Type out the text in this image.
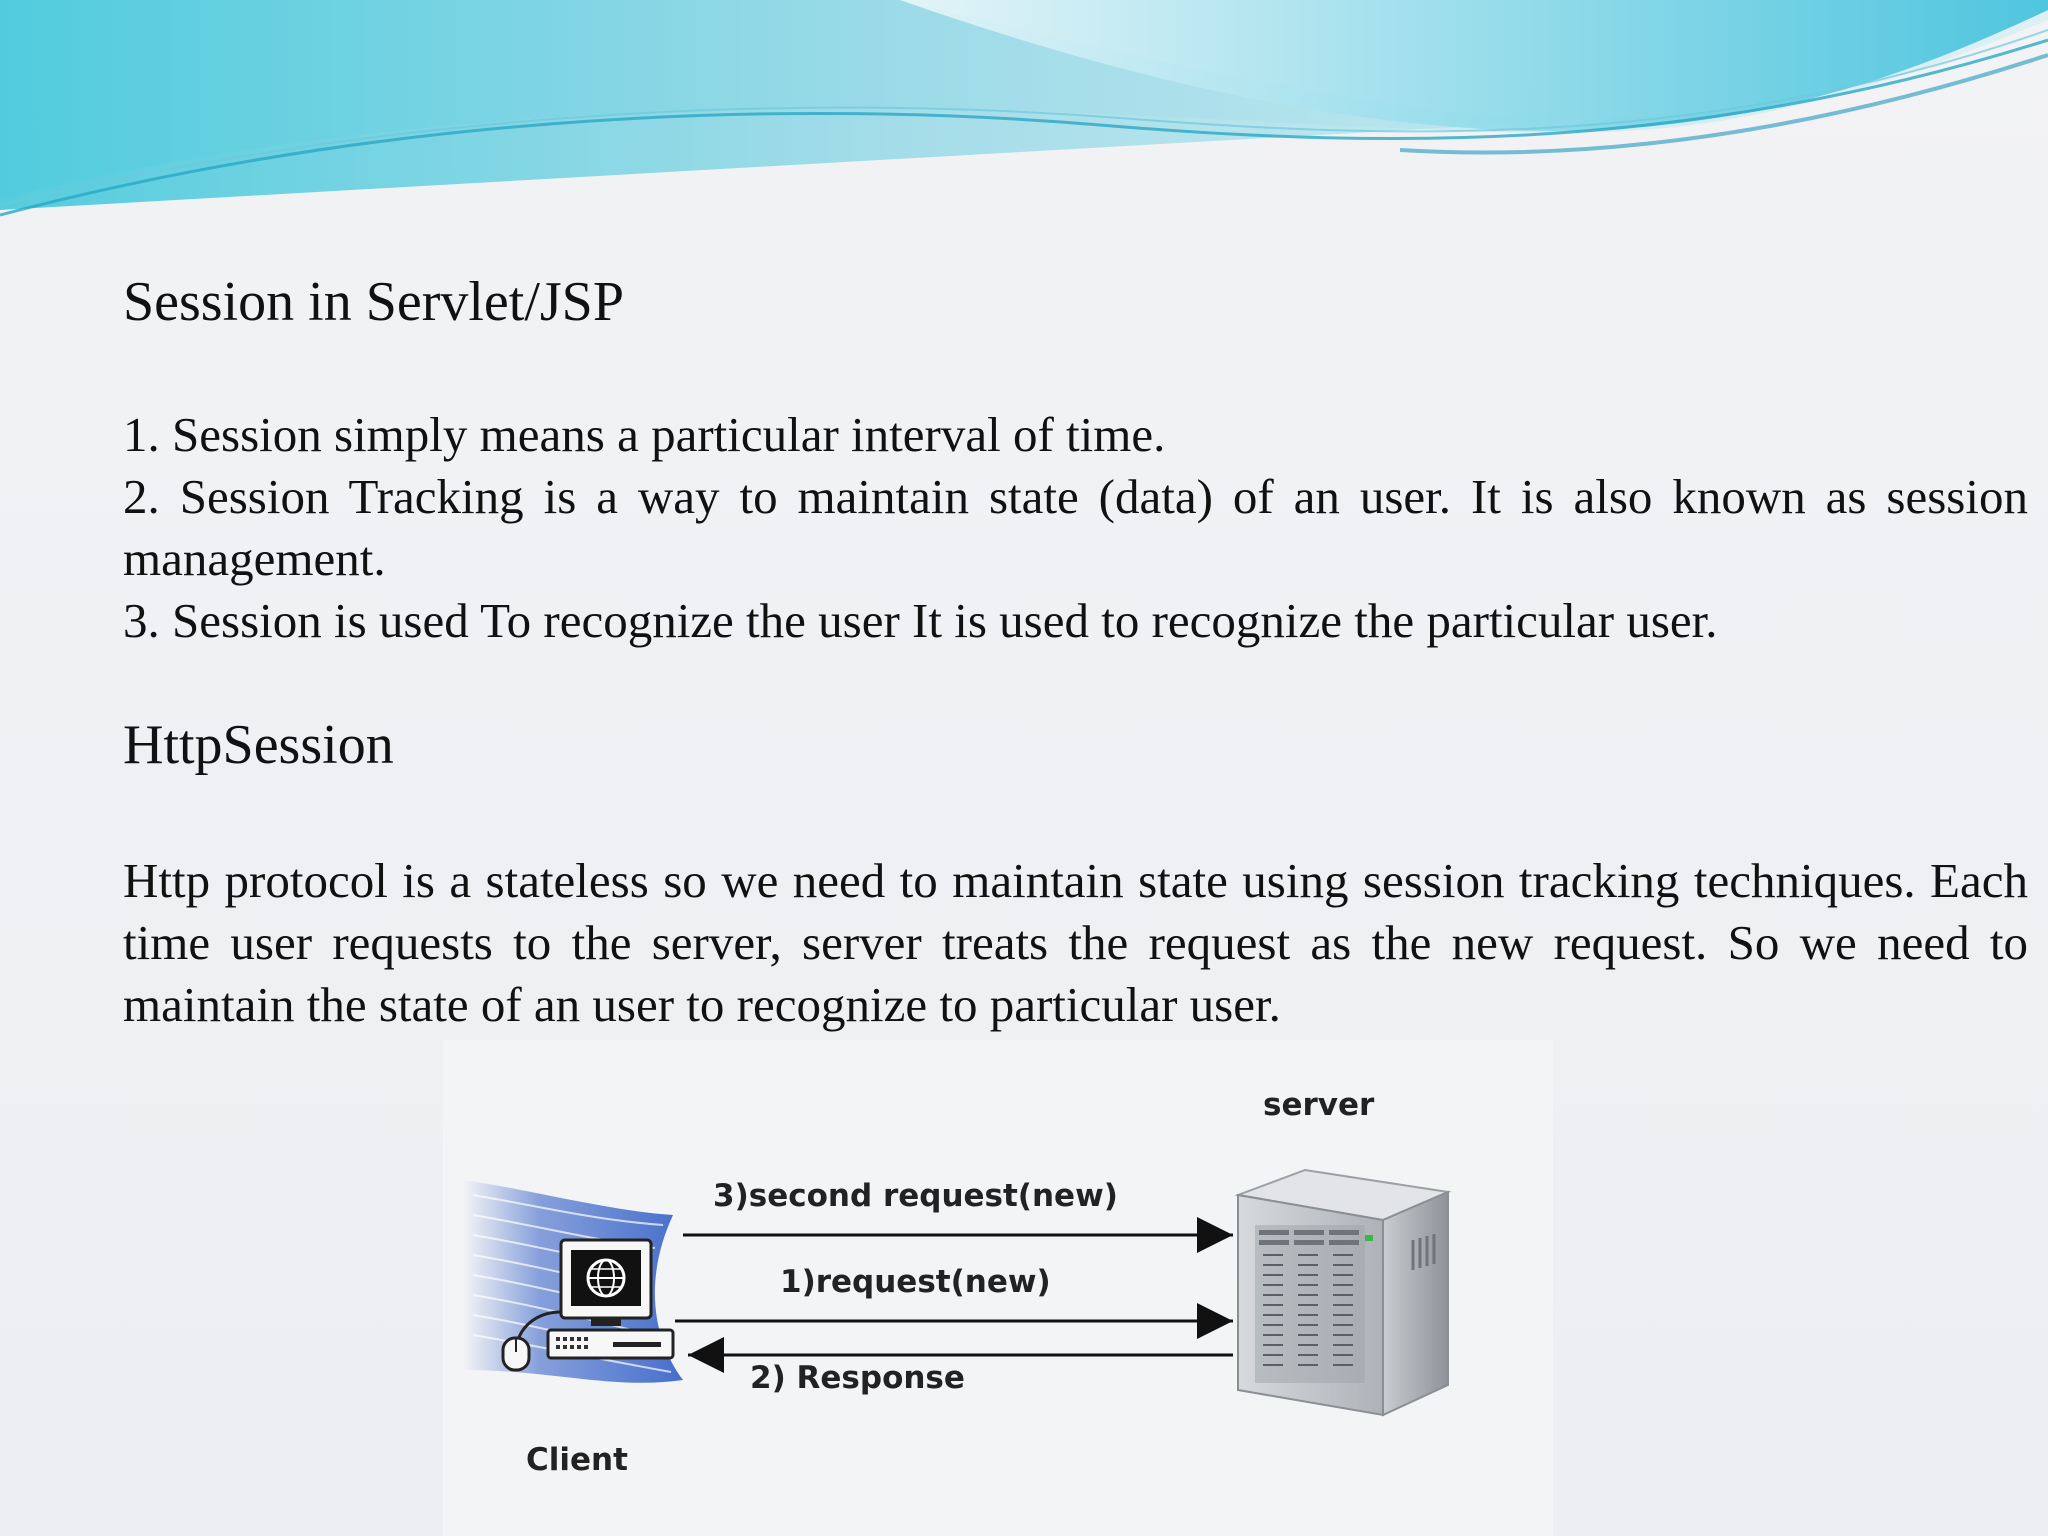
Session in Servlet/JSP
1. Session simply means a particular interval of time.
2. Session Tracking is a way to maintain state (data) of an user. It is also known as session management.
3. Session is used To recognize the user It is used to recognize the particular user.
HttpSession
Http protocol is a stateless so we need to maintain state using session tracking techniques. Each time user requests to the server, server treats the request as the new request. So we need to maintain the state of an user to recognize to particular user.
3)second request(new)
1)request(new)
2) Response
server
Client
